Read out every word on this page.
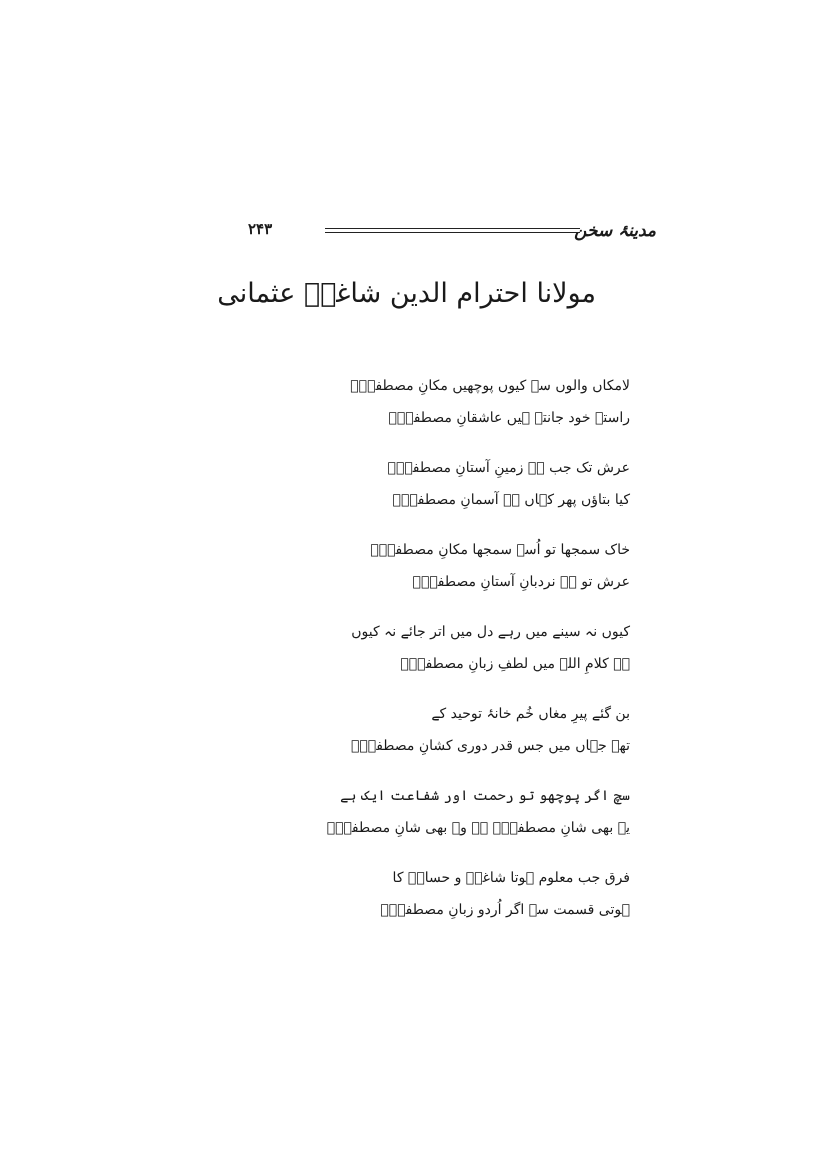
مدینۂ سخن
۲۴۳
مولانا احترام الدین شاغلؔ عثمانی
لامکاں والوں سے کیوں پوچھیں مکانِ مصطفیٰؐ
راستہ خود جانتے ہیں عاشقانِ مصطفیٰؐ
عرش تک جب ہے زمینِ آستانِ مصطفیٰؐ
کیا بتاؤں پھر کہاں ہے آسمانِ مصطفیٰؐ
خاک سمجھا تو اُسے سمجھا مکانِ مصطفیٰؐ
عرش تو ہے نردبانِ آستانِ مصطفیٰؐ
کیوں نہ سینے میں رہے دل میں اتر جائے نہ کیوں
ہے کلامِ اللہ میں لطفِ زبانِ مصطفیٰؐ
بن گئے پیرِ مغاں خُم خانۂ توحید کے
تھے جہاں میں جس قدر دوری کشانِ مصطفیٰؐ
سچ اگر پوچھو تو رحمت اور شفاعت ایک ہے
یہ بھی شانِ مصطفیٰؐ ہے وہ بھی شانِ مصطفیٰؐ
فرق جب معلوم ہوتا شاغلؔ و حساںؔ کا
ہوتی قسمت سے اگر اُردو زبانِ مصطفیٰؐ
